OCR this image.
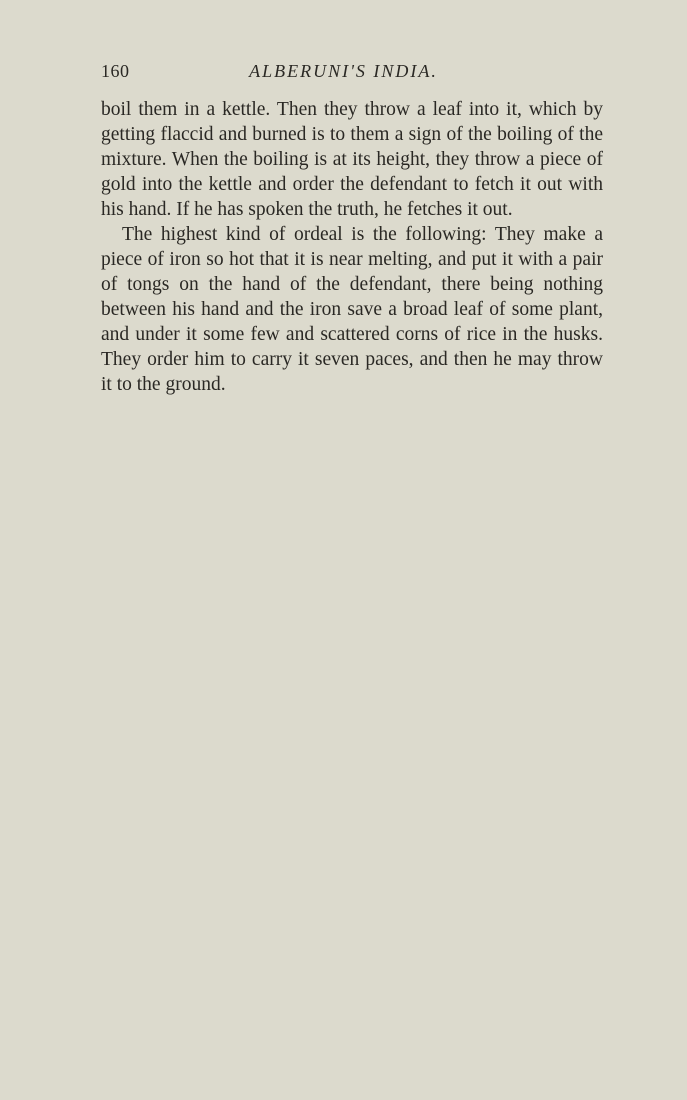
160	ALBERUNI'S INDIA.

boil them in a kettle. Then they throw a leaf into it, which by getting flaccid and burned is to them a sign of the boiling of the mixture. When the boiling is at its height, they throw a piece of gold into the kettle and order the defendant to fetch it out with his hand. If he has spoken the truth, he fetches it out.

The highest kind of ordeal is the following: They make a piece of iron so hot that it is near melting, and put it with a pair of tongs on the hand of the defendant, there being nothing between his hand and the iron save a broad leaf of some plant, and under it some few and scattered corns of rice in the husks. They order him to carry it seven paces, and then he may throw it to the ground.
